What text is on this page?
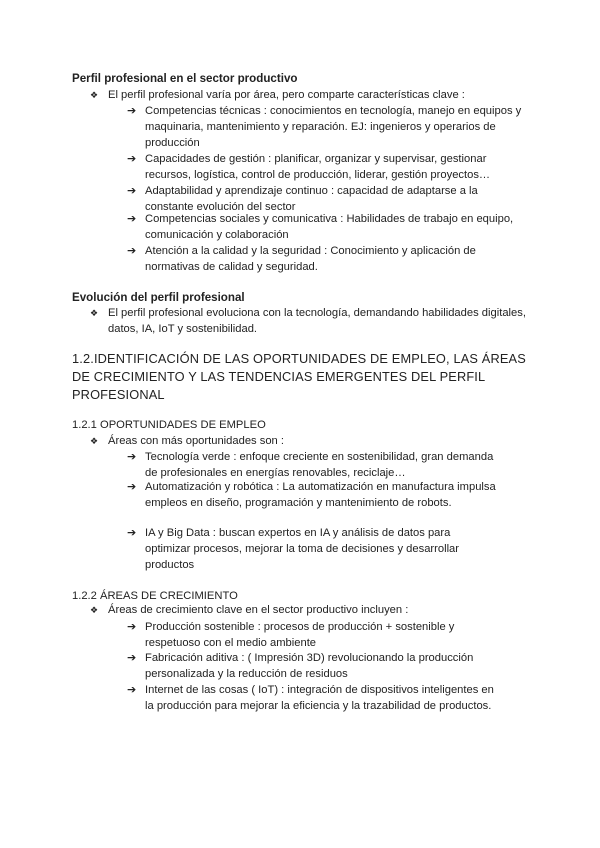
Perfil profesional en el sector productivo
❖ El perfil profesional varía por área, pero comparte características clave :
➔ Competencias técnicas : conocimientos en tecnología, manejo en equipos y maquinaria, mantenimiento y reparación. EJ: ingenieros y operarios de producción
➔ Capacidades de gestión : planificar, organizar y supervisar, gestionar recursos, logística, control de producción, liderar, gestión proyectos…
➔ Adaptabilidad y aprendizaje continuo : capacidad de adaptarse a la constante evolución del sector
➔ Competencias sociales y comunicativa : Habilidades de trabajo en equipo, comunicación y colaboración
➔ Atención a la calidad y la seguridad : Conocimiento y aplicación de normativas de calidad y seguridad.
Evolución del perfil profesional
❖ El perfil profesional evoluciona con la tecnología, demandando habilidades digitales, datos, IA, IoT y sostenibilidad.
1.2.IDENTIFICACIÓN DE LAS OPORTUNIDADES DE EMPLEO, LAS ÁREAS DE CRECIMIENTO Y LAS TENDENCIAS EMERGENTES DEL PERFIL PROFESIONAL
1.2.1 OPORTUNIDADES DE EMPLEO
❖ Áreas con más oportunidades son :
➔ Tecnología verde : enfoque creciente en sostenibilidad, gran demanda de profesionales en energías renovables, reciclaje…
➔ Automatización y robótica : La automatización en manufactura impulsa empleos en diseño, programación y mantenimiento de robots.
➔ IA y Big Data : buscan expertos en IA y análisis de datos para optimizar procesos, mejorar la toma de decisiones y desarrollar productos
1.2.2 ÁREAS DE CRECIMIENTO
❖ Áreas de crecimiento clave en el sector productivo incluyen :
➔ Producción sostenible : procesos de producción + sostenible y respetuoso con el medio ambiente
➔ Fabricación aditiva : ( Impresión 3D) revolucionando la producción personalizada y la reducción de residuos
➔ Internet de las cosas ( IoT) : integración de dispositivos inteligentes en la producción para mejorar la eficiencia y la trazabilidad de productos.
